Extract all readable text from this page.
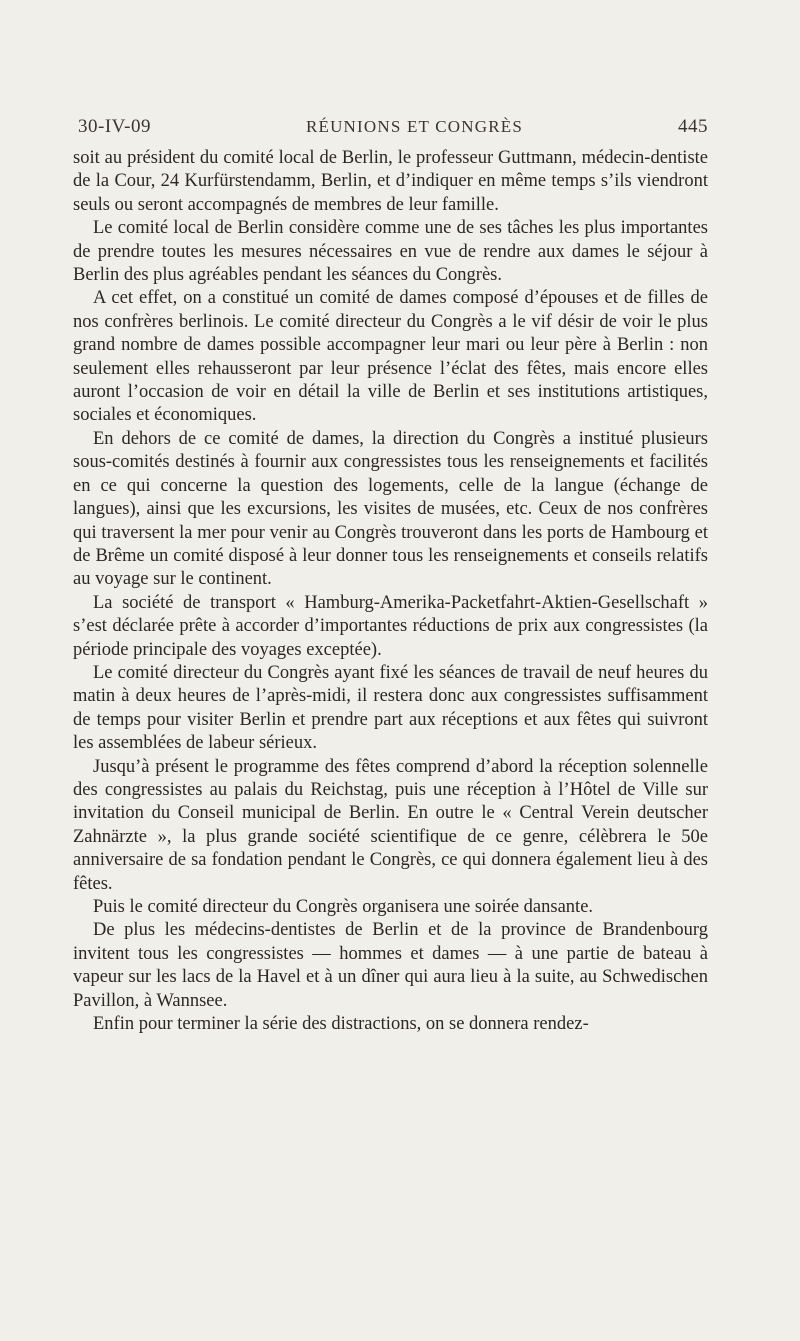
30-IV-09	RÉUNIONS ET CONGRÈS	445

soit au président du comité local de Berlin, le professeur Guttmann, médecin-dentiste de la Cour, 24 Kurfürstendamm, Berlin, et d’indiquer en même temps s’ils viendront seuls ou seront accompagnés de membres de leur famille.

Le comité local de Berlin considère comme une de ses tâches les plus importantes de prendre toutes les mesures nécessaires en vue de rendre aux dames le séjour à Berlin des plus agréables pendant les séances du Congrès.

A cet effet, on a constitué un comité de dames composé d’épouses et de filles de nos confrères berlinois. Le comité directeur du Congrès a le vif désir de voir le plus grand nombre de dames possible accompagner leur mari ou leur père à Berlin : non seulement elles rehausseront par leur présence l’éclat des fêtes, mais encore elles auront l’occasion de voir en détail la ville de Berlin et ses institutions artistiques, sociales et économiques.

En dehors de ce comité de dames, la direction du Congrès a institué plusieurs sous-comités destinés à fournir aux congressistes tous les renseignements et facilités en ce qui concerne la question des logements, celle de la langue (échange de langues), ainsi que les excursions, les visites de musées, etc. Ceux de nos confrères qui traversent la mer pour venir au Congrès trouveront dans les ports de Hambourg et de Brême un comité disposé à leur donner tous les renseignements et conseils relatifs au voyage sur le continent.

La société de transport « Hamburg-Amerika-Packetfahrt-Aktien-Gesellschaft » s’est déclarée prête à accorder d’importantes réductions de prix aux congressistes (la période principale des voyages exceptée).

Le comité directeur du Congrès ayant fixé les séances de travail de neuf heures du matin à deux heures de l’après-midi, il restera donc aux congressistes suffisamment de temps pour visiter Berlin et prendre part aux réceptions et aux fêtes qui suivront les assemblées de labeur sérieux.

Jusqu’à présent le programme des fêtes comprend d’abord la réception solennelle des congressistes au palais du Reichstag, puis une réception à l’Hôtel de Ville sur invitation du Conseil municipal de Berlin. En outre le « Central Verein deutscher Zahnärzte », la plus grande société scientifique de ce genre, célèbrera le 50e anniversaire de sa fondation pendant le Congrès, ce qui donnera également lieu à des fêtes.

Puis le comité directeur du Congrès organisera une soirée dansante.

De plus les médecins-dentistes de Berlin et de la province de Brandenbourg invitent tous les congressistes — hommes et dames — à une partie de bateau à vapeur sur les lacs de la Havel et à un dîner qui aura lieu à la suite, au Schwedischen Pavillon, à Wannsee.

Enfin pour terminer la série des distractions, on se donnera rendez-
